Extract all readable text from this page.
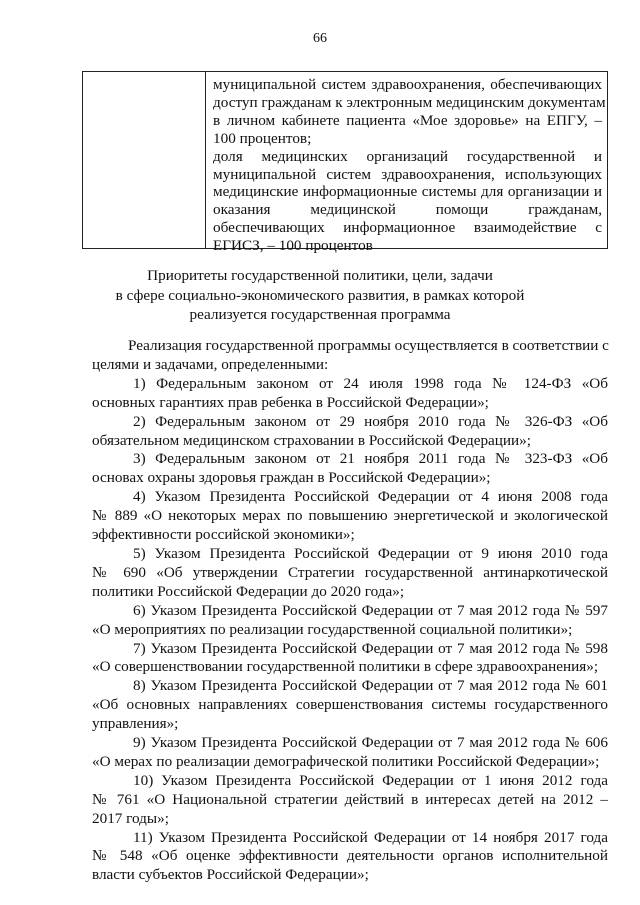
66
муниципальной систем здравоохранения, обеспечивающих
доступ гражданам к электронным медицинским документам
в личном кабинете пациента «Мое здоровье» на ЕПГУ, –
100 процентов;
доля медицинских организаций государственной и
муниципальной систем здравоохранения, использующих
медицинские информационные системы для организации и
оказания медицинской помощи гражданам,
обеспечивающих информационное взаимодействие с
ЕГИСЗ, – 100 процентов
Приоритеты государственной политики, цели, задачи
в сфере социально-экономического развития, в рамках которой
реализуется государственная программа
Реализация государственной программы осуществляется в соответствии с
целями и задачами, определенными:
1) Федеральным законом от 24 июля 1998 года № 124-ФЗ «Об
основных гарантиях прав ребенка в Российской Федерации»;
2) Федеральным законом от 29 ноября 2010 года № 326-ФЗ «Об
обязательном медицинском страховании в Российской Федерации»;
3) Федеральным законом от 21 ноября 2011 года № 323-ФЗ «Об
основах охраны здоровья граждан в Российской Федерации»;
4) Указом Президента Российской Федерации от 4 июня 2008 года
№ 889 «О некоторых мерах по повышению энергетической и экологической
эффективности российской экономики»;
5) Указом Президента Российской Федерации от 9 июня 2010 года
№ 690 «Об утверждении Стратегии государственной антинаркотической
политики Российской Федерации до 2020 года»;
6) Указом Президента Российской Федерации от 7 мая 2012 года № 597
«О мероприятиях по реализации государственной социальной политики»;
7) Указом Президента Российской Федерации от 7 мая 2012 года № 598
«О совершенствовании государственной политики в сфере здравоохранения»;
8) Указом Президента Российской Федерации от 7 мая 2012 года № 601
«Об основных направлениях совершенствования системы государственного
управления»;
9) Указом Президента Российской Федерации от 7 мая 2012 года № 606
«О мерах по реализации демографической политики Российской Федерации»;
10) Указом Президента Российской Федерации от 1 июня 2012 года
№ 761 «О Национальной стратегии действий в интересах детей на 2012 –
2017 годы»;
11) Указом Президента Российской Федерации от 14 ноября 2017 года
№ 548 «Об оценке эффективности деятельности органов исполнительной
власти субъектов Российской Федерации»;
